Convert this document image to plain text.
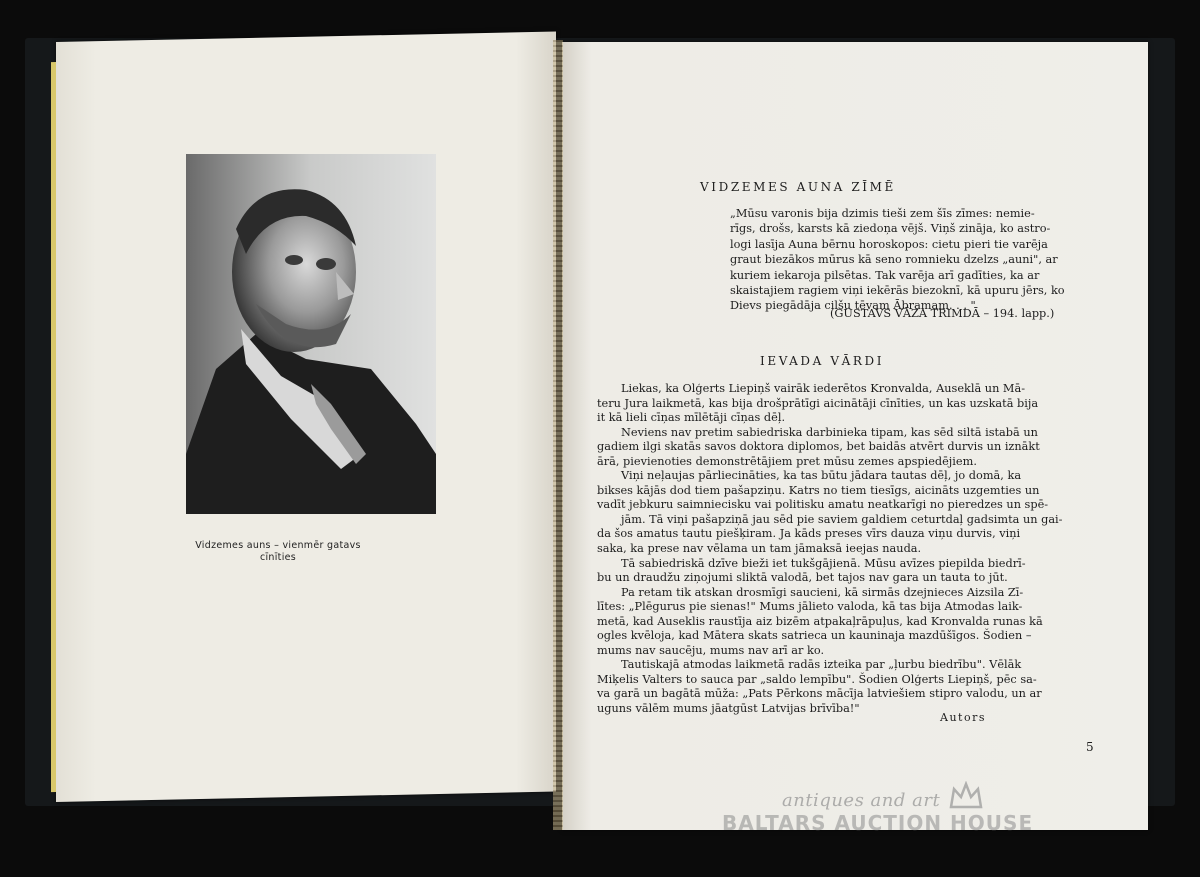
Vidzemes auns – vienmēr gatavs
cīnīties
VIDZEMES AUNA ZĪMĒ
„Mūsu varonis bija dzimis tieši zem šīs zīmes: nemie-
rīgs, drošs, karsts kā ziedoņa vējš. Viņš zināja, ko astro-
logi lasīja Auna bērnu horoskopos: cietu pieri tie varēja
graut biezākos mūrus kā seno romnieku dzelzs „auni", ar
kuriem iekaroja pilsētas. Tak varēja arī gadīties, ka ar
skaistajiem ragiem viņi iekērās biezoknī, kā upuru jērs, ko
Dievs piegādāja cilšu tēvam Ābramam. . . "
(GUSTAVS VĀZA TRIMDĀ – 194. lapp.)
IEVADA VĀRDI
Liekas, ka Olģerts Liepiņš vairāk iederētos Kronvalda, Auseklā un Mā-
teru Jura laikmetā, kas bija drošprātīgi aicinātāji cīnīties, un kas uzskatā bija
it kā lieli cīņas mīlētāji cīņas dēļ.
Neviens nav pretim sabiedriska darbinieka tipam, kas sēd siltā istabā un
gadiem ilgi skatās savos doktora diplomos, bet baidās atvērt durvis un iznākt
ārā, pievienoties demonstrētājiem pret mūsu zemes apspiedējiem.
Viņi neļaujas pārliecināties, ka tas būtu jādara tautas dēļ, jo domā, ka
bikses kājās dod tiem pašapziņu. Katrs no tiem tiesīgs, aicināts uzgemties un
vadīt jebkuru saimniecisku vai politisku amatu neatkarīgi no pieredzes un spē-
jām. Tā viņi pašapziņā jau sēd pie saviem galdiem ceturtdaļ gadsimta un gai-
da šos amatus tautu piešķiram. Ja kāds preses vīrs dauza viņu durvis, viņi
saka, ka prese nav vēlama un tam jāmaksā ieejas nauda.
Tā sabiedriskā dzīve bieži iet tukšgājienā. Mūsu avīzes piepilda biedrī-
bu un draudžu ziņojumi sliktā valodā, bet tajos nav gara un tauta to jūt.
Pa retam tik atskan drosmīgi saucieni, kā sirmās dzejnieces Aizsila Zī-
lītes: „Plēgurus pie sienas!" Mums jālieto valoda, kā tas bija Atmodas laik-
metā, kad Auseklis raustīja aiz bizēm atpakaļrāpuļus, kad Kronvalda runas kā
ogles kvēloja, kad Mātera skats satrieca un kauninaja mazdūšīgos. Šodien –
mums nav saucēju, mums nav arī ar ko.
Tautiskajā atmodas laikmetā radās izteika par „ļurbu biedrību". Vēlāk
Miķelis Valters to sauca par „saldo lempību". Šodien Olģerts Liepiņš, pēc sa-
va garā un bagātā mūža: „Pats Pērkons mācīja latviešiem stipro valodu, un ar
uguns vālēm mums jāatgūst Latvijas brīvība!"
Autors
5
antiques and art
BALTARS AUCTION HOUSE
